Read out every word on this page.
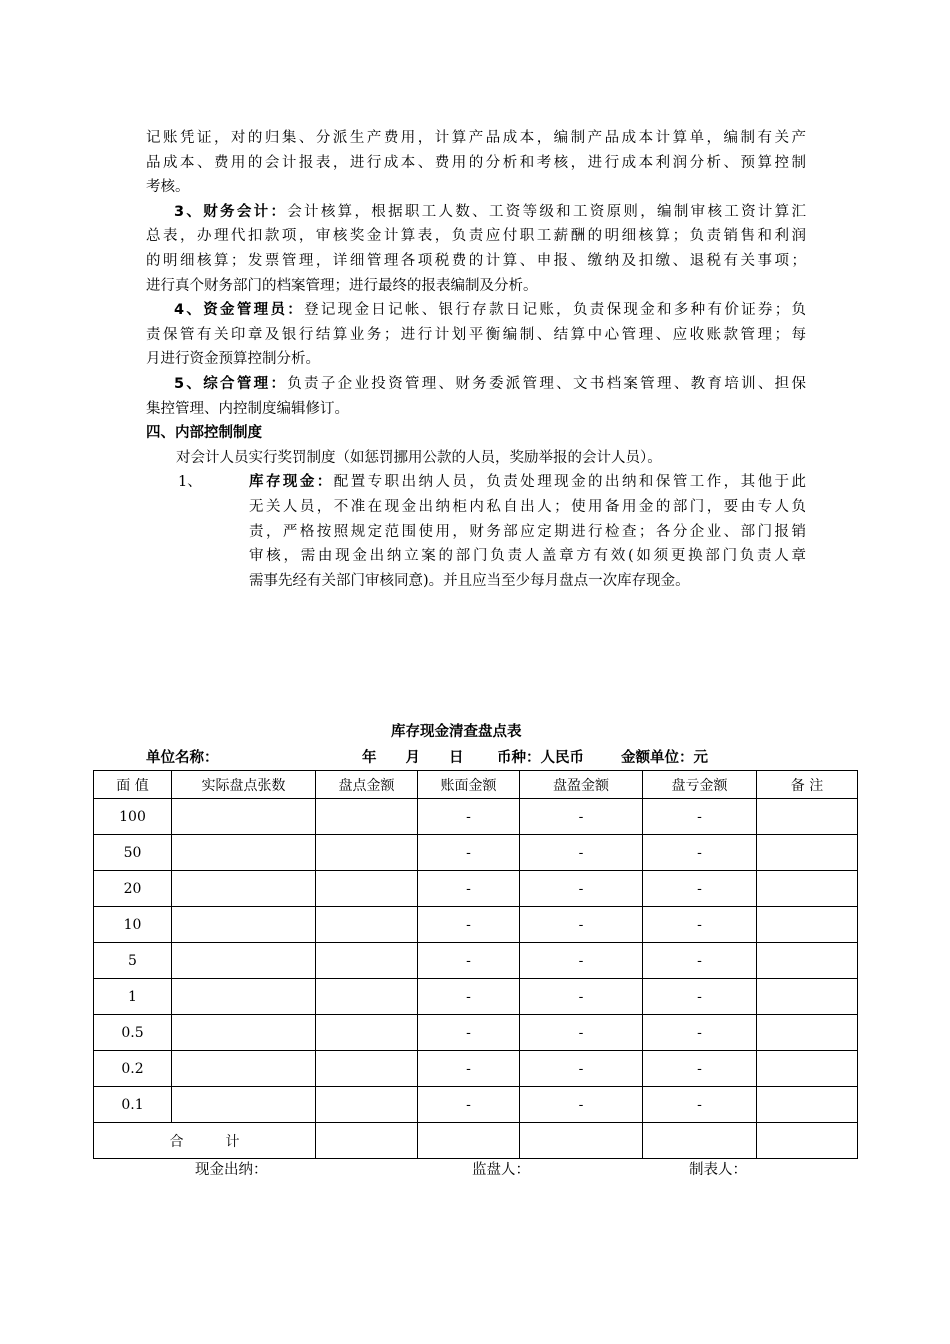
记账凭证，对的归集、分派生产费用，计算产品成本，编制产品成本计算单，编制有关产
品成本、费用的会计报表，进行成本、费用的分析和考核，进行成本利润分析、预算控制
考核。
3、财务会计：会计核算，根据职工人数、工资等级和工资原则，编制审核工资计算汇
总表，办理代扣款项，审核奖金计算表，负责应付职工薪酬的明细核算；负责销售和利润
的明细核算；发票管理，详细管理各项税费的计算、申报、缴纳及扣缴、退税有关事项；
进行真个财务部门的档案管理；进行最终的报表编制及分析。
4、资金管理员：登记现金日记帐、银行存款日记账，负责保现金和多种有价证券；负
责保管有关印章及银行结算业务；进行计划平衡编制、结算中心管理、应收账款管理；每
月进行资金预算控制分析。
5、综合管理：负责子企业投资管理、财务委派管理、文书档案管理、教育培训、担保
集控管理、内控制度编辑修订。
四、内部控制制度
对会计人员实行奖罚制度（如惩罚挪用公款的人员，奖励举报的会计人员）。
1、	库存现金：配置专职出纳人员，负责处理现金的出纳和保管工作，其他于此
无关人员，不准在现金出纳柜内私自出人；使用备用金的部门，要由专人负
责，严格按照规定范围使用，财务部应定期进行检查；各分企业、部门报销
审核，需由现金出纳立案的部门负责人盖章方有效(如须更换部门负责人章
需事先经有关部门审核同意)。并且应当至少每月盘点一次库存现金。
库存现金清查盘点表
单位名称：	年　　月　　日 币种：人民币	金额单位：元
面 值	实际盘点张数	盘点金额	账面金额	盘盈金额	盘亏金额	备 注
100			-	-	-	
50			-	-	-	
20			-	-	-	
10			-	-	-	
5			-	-	-	
1			-	-	-	
0.5			-	-	-	
0.2			-	-	-	
0.1			-	-	-	
合　　　计						
现金出纳：	监盘人：	制表人：
